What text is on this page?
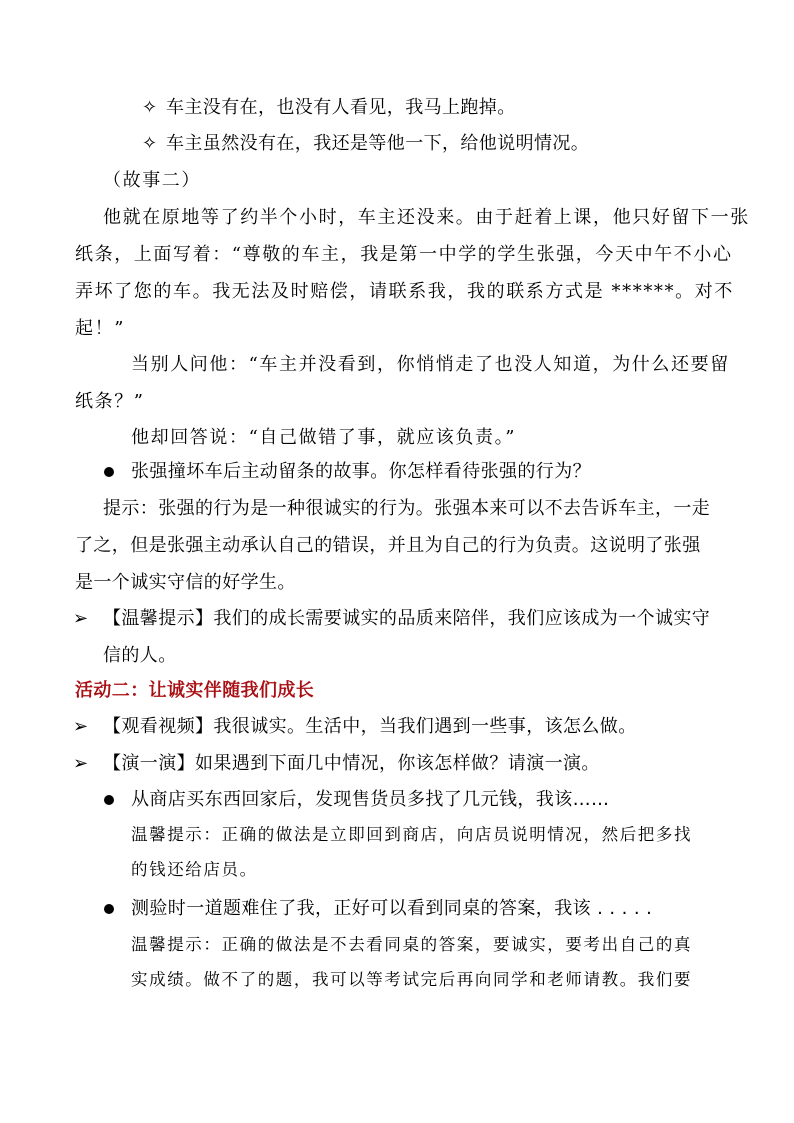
✧ 车主没有在，也没有人看见，我马上跑掉。
✧ 车主虽然没有在，我还是等他一下，给他说明情况。
（故事二）
他就在原地等了约半个小时，车主还没来。由于赶着上课，他只好留下一张
纸条，上面写着：“尊敬的车主，我是第一中学的学生张强，今天中午不小心
弄坏了您的车。我无法及时赔偿，请联系我，我的联系方式是 ******。对不
起！”
当别人问他：“车主并没看到，你悄悄走了也没人知道，为什么还要留
纸条？”
他却回答说：“自己做错了事，就应该负责。”
张强撞坏车后主动留条的故事。你怎样看待张强的行为？
提示：张强的行为是一种很诚实的行为。张强本来可以不去告诉车主，一走
了之，但是张强主动承认自己的错误，并且为自己的行为负责。这说明了张强
是一个诚实守信的好学生。
➢ 【温馨提示】我们的成长需要诚实的品质来陪伴，我们应该成为一个诚实守
信的人。
活动二：让诚实伴随我们成长
➢ 【观看视频】我很诚实。生活中，当我们遇到一些事，该怎么做。
➢ 【演一演】如果遇到下面几中情况，你该怎样做？请演一演。
从商店买东西回家后，发现售货员多找了几元钱，我该……
温馨提示：正确的做法是立即回到商店，向店员说明情况，然后把多找
的钱还给店员。
测验时一道题难住了我，正好可以看到同桌的答案，我该 . . . . .
温馨提示：正确的做法是不去看同桌的答案，要诚实，要考出自己的真
实成绩。做不了的题，我可以等考试完后再向同学和老师请教。我们要
